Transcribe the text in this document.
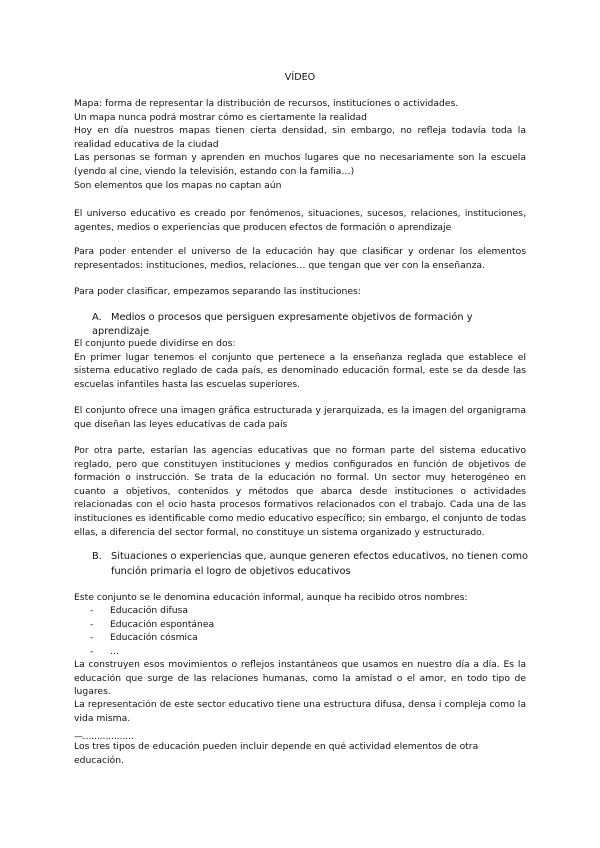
VÍDEO

Mapa: forma de representar la distribución de recursos, instituciones o actividades.

Un mapa nunca podrá mostrar cómo es ciertamente la realidad

Hoy en día nuestros mapas tienen cierta densidad, sin embargo, no refleja todavía toda la realidad educativa de la ciudad

Las personas se forman y aprenden en muchos lugares que no necesariamente son la escuela (yendo al cine, viendo la televisión, estando con la familia…)

Son elementos que los mapas no captan aún

El universo educativo es creado por fenómenos, situaciones, sucesos, relaciones, instituciones, agentes, medios o experiencias que producen efectos de formación o aprendizaje

Para poder entender el universo de la educación hay que clasificar y ordenar los elementos representados: instituciones, medios, relaciones… que tengan que ver con la enseñanza.

Para poder clasificar, empezamos separando las instituciones:

A. Medios o procesos que persiguen expresamente objetivos de formación y aprendizaje

El conjunto puede dividirse en dos:

En primer lugar tenemos el conjunto que pertenece a la enseñanza reglada que establece el sistema educativo reglado de cada país, es denominado educación formal, este se da desde las escuelas infantiles hasta las escuelas superiores.

El conjunto ofrece una imagen gráfica estructurada y jerarquizada, es la imagen del organigrama que diseñan las leyes educativas de cada país

Por otra parte, estarían las agencias educativas que no forman parte del sistema educativo reglado, pero que constituyen instituciones y medios configurados en función de objetivos de formación o instrucción. Se trata de la educación no formal. Un sector muy heterogéneo en cuanto a objetivos, contenidos y métodos que abarca desde instituciones o actividades relacionadas con el ocio hasta procesos formativos relacionados con el trabajo. Cada una de las instituciones es identificable como medio educativo específico; sin embargo, el conjunto de todas ellas, a diferencia del sector formal, no constituye un sistema organizado y estructurado.

B. Situaciones o experiencias que, aunque generen efectos educativos, no tienen como
función primaria el logro de objetivos educativos

Este conjunto se le denomina educación informal, aunque ha recibido otros nombres:

- Educación difusa
- Educación espontánea
- Educación cósmica
- …

La construyen esos movimientos o reflejos instantáneos que usamos en nuestro día a día. Es la educación que surge de las relaciones humanas, como la amistad o el amor, en todo tipo de lugares.

La representación de este sector educativo tiene una estructura difusa, densa i compleja como la vida misma.

—………………

Los tres tipos de educación pueden incluir depende en qué actividad elementos de otra educación.
